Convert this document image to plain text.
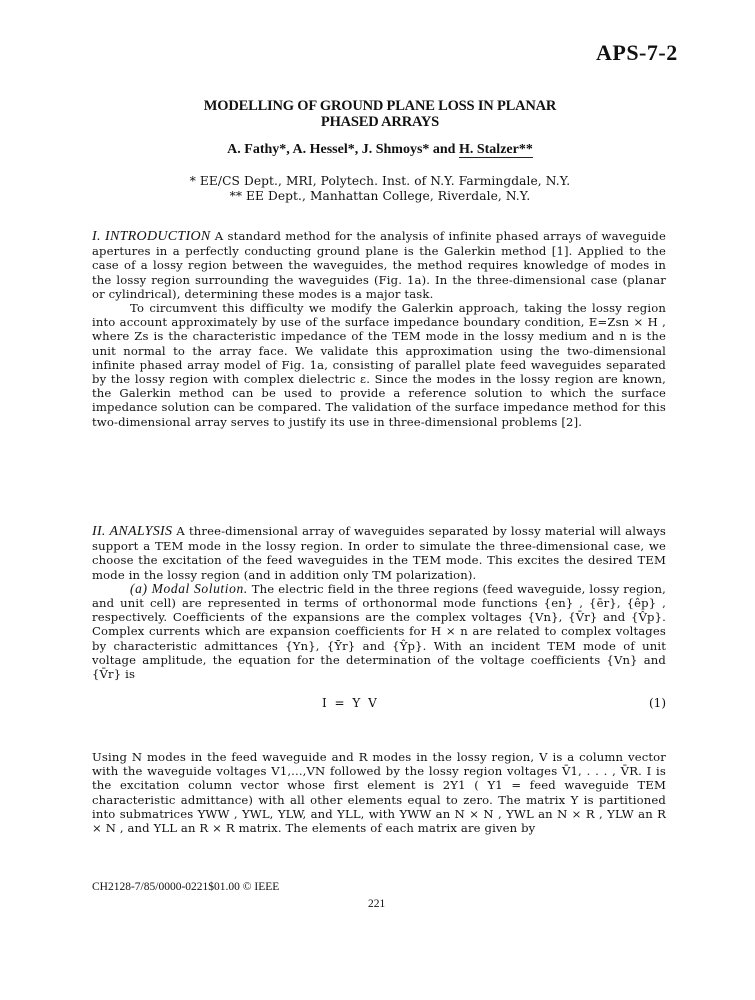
APS-7-2
MODELLING OF GROUND PLANE LOSS IN PLANAR
PHASED ARRAYS
A. Fathy*, A. Hessel*, J. Shmoys* and H. Stalzer**
* EE/CS Dept., MRI, Polytech. Inst. of N.Y. Farmingdale, N.Y.
** EE Dept., Manhattan College, Riverdale, N.Y.

I. INTRODUCTION A standard method for the analysis of infinite phased arrays of waveguide apertures in a perfectly conducting ground plane is the Galerkin method [1]. Applied to the case of a lossy region between the waveguides, the method requires knowledge of modes in the lossy region surrounding the waveguides (Fig. 1a). In the three-dimensional case (planar or cylindrical), determining these modes is a major task.

To circumvent this difficulty we modify the Galerkin approach, taking the lossy region into account approximately by use of the surface impedance boundary condition, E=Zsn × H , where Zs is the characteristic impedance of the TEM mode in the lossy medium and n is the unit normal to the array face. We validate this approximation using the two-dimensional infinite phased array model of Fig. 1a, consisting of parallel plate feed waveguides separated by the lossy region with complex dielectric ε. Since the modes in the lossy region are known, the Galerkin method can be used to provide a reference solution to which the surface impedance solution can be compared. The validation of the surface impedance method for this two-dimensional array serves to justify its use in three-dimensional problems [2].

II. ANALYSIS A three-dimensional array of waveguides separated by lossy material will always support a TEM mode in the lossy region. In order to simulate the three-dimensional case, we choose the excitation of the feed waveguides in the TEM mode. This excites the desired TEM mode in the lossy region (and in addition only TM polarization).

(a) Modal Solution. The electric field in the three regions (feed waveguide, lossy region, and unit cell) are represented in terms of orthonormal mode functions {en} , {ēr}, {êp} , respectively. Coefficients of the expansions are the complex voltages {Vn}, {V̄r} and {V̂p}. Complex currents which are expansion coefficients for H × n are related to complex voltages by characteristic admittances {Yn}, {Ȳr} and {Ŷp}. With an incident TEM mode of unit voltage amplitude, the equation for the determination of the voltage coefficients {Vn} and {V̄r} is

I = Y V	(1)

Using N modes in the feed waveguide and R modes in the lossy region, V is a column vector with the waveguide voltages V1,...,VN followed by the lossy region voltages V̄1, . . . , V̄R. I is the excitation column vector whose first element is 2Y1 ( Y1 = feed waveguide TEM characteristic admittance) with all other elements equal to zero. The matrix Y is partitioned into submatrices YWW , YWL, YLW, and YLL, with YWW an N × N , YWL an N × R , YLW an R × N , and YLL an R × R matrix. The elements of each matrix are given by

CH2128-7/85/0000-0221$01.00 © IEEE
221
